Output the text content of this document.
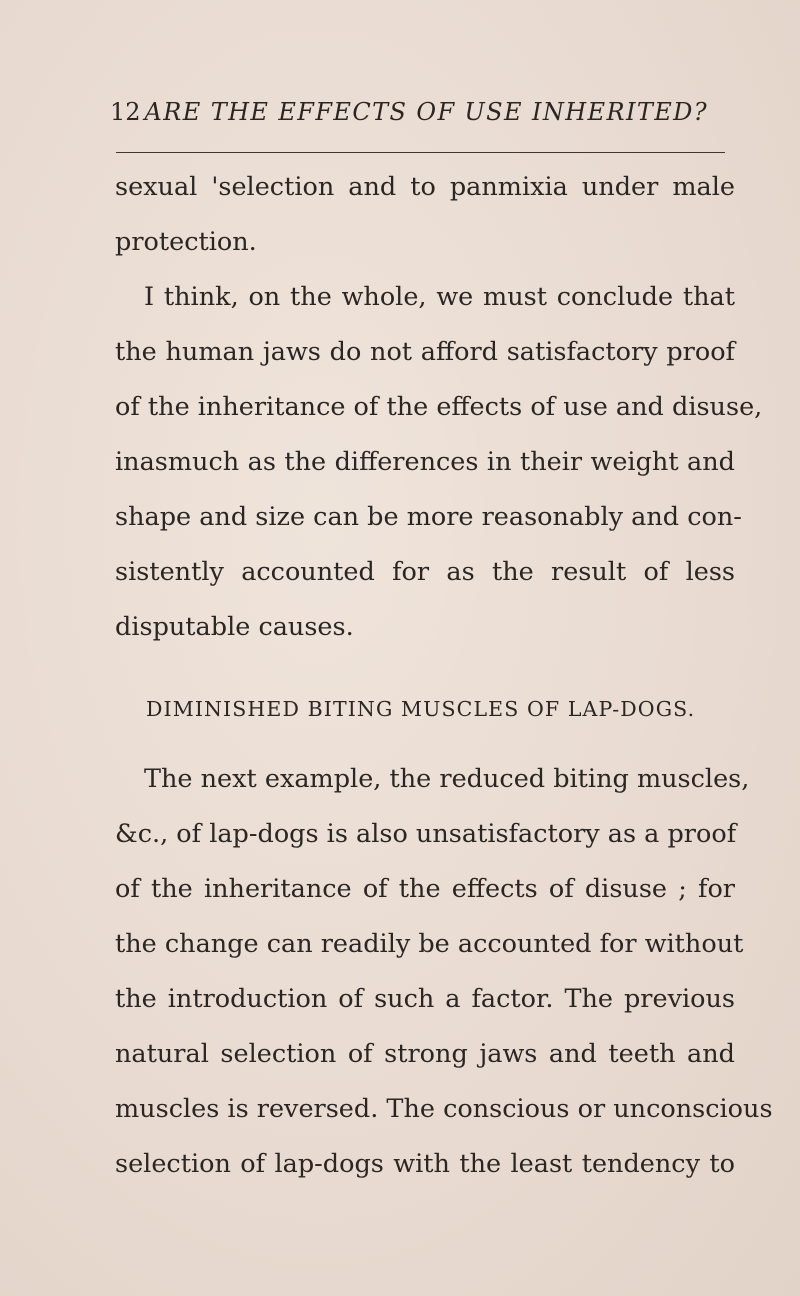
12 ARE THE EFFECTS OF USE INHERITED?
sexual 'selection and to panmixia under male
protection.
I think, on the whole, we must conclude that
the human jaws do not afford satisfactory proof
of the inheritance of the effects of use and disuse,
inasmuch as the differences in their weight and
shape and size can be more reasonably and con-
sistently accounted for as the result of less
disputable causes.
DIMINISHED BITING MUSCLES OF LAP-DOGS.
The next example, the reduced biting muscles,
&c., of lap-dogs is also unsatisfactory as a proof
of the inheritance of the effects of disuse ; for
the change can readily be accounted for without
the introduction of such a factor. The previous
natural selection of strong jaws and teeth and
muscles is reversed. The conscious or unconscious
selection of lap-dogs with the least tendency to
